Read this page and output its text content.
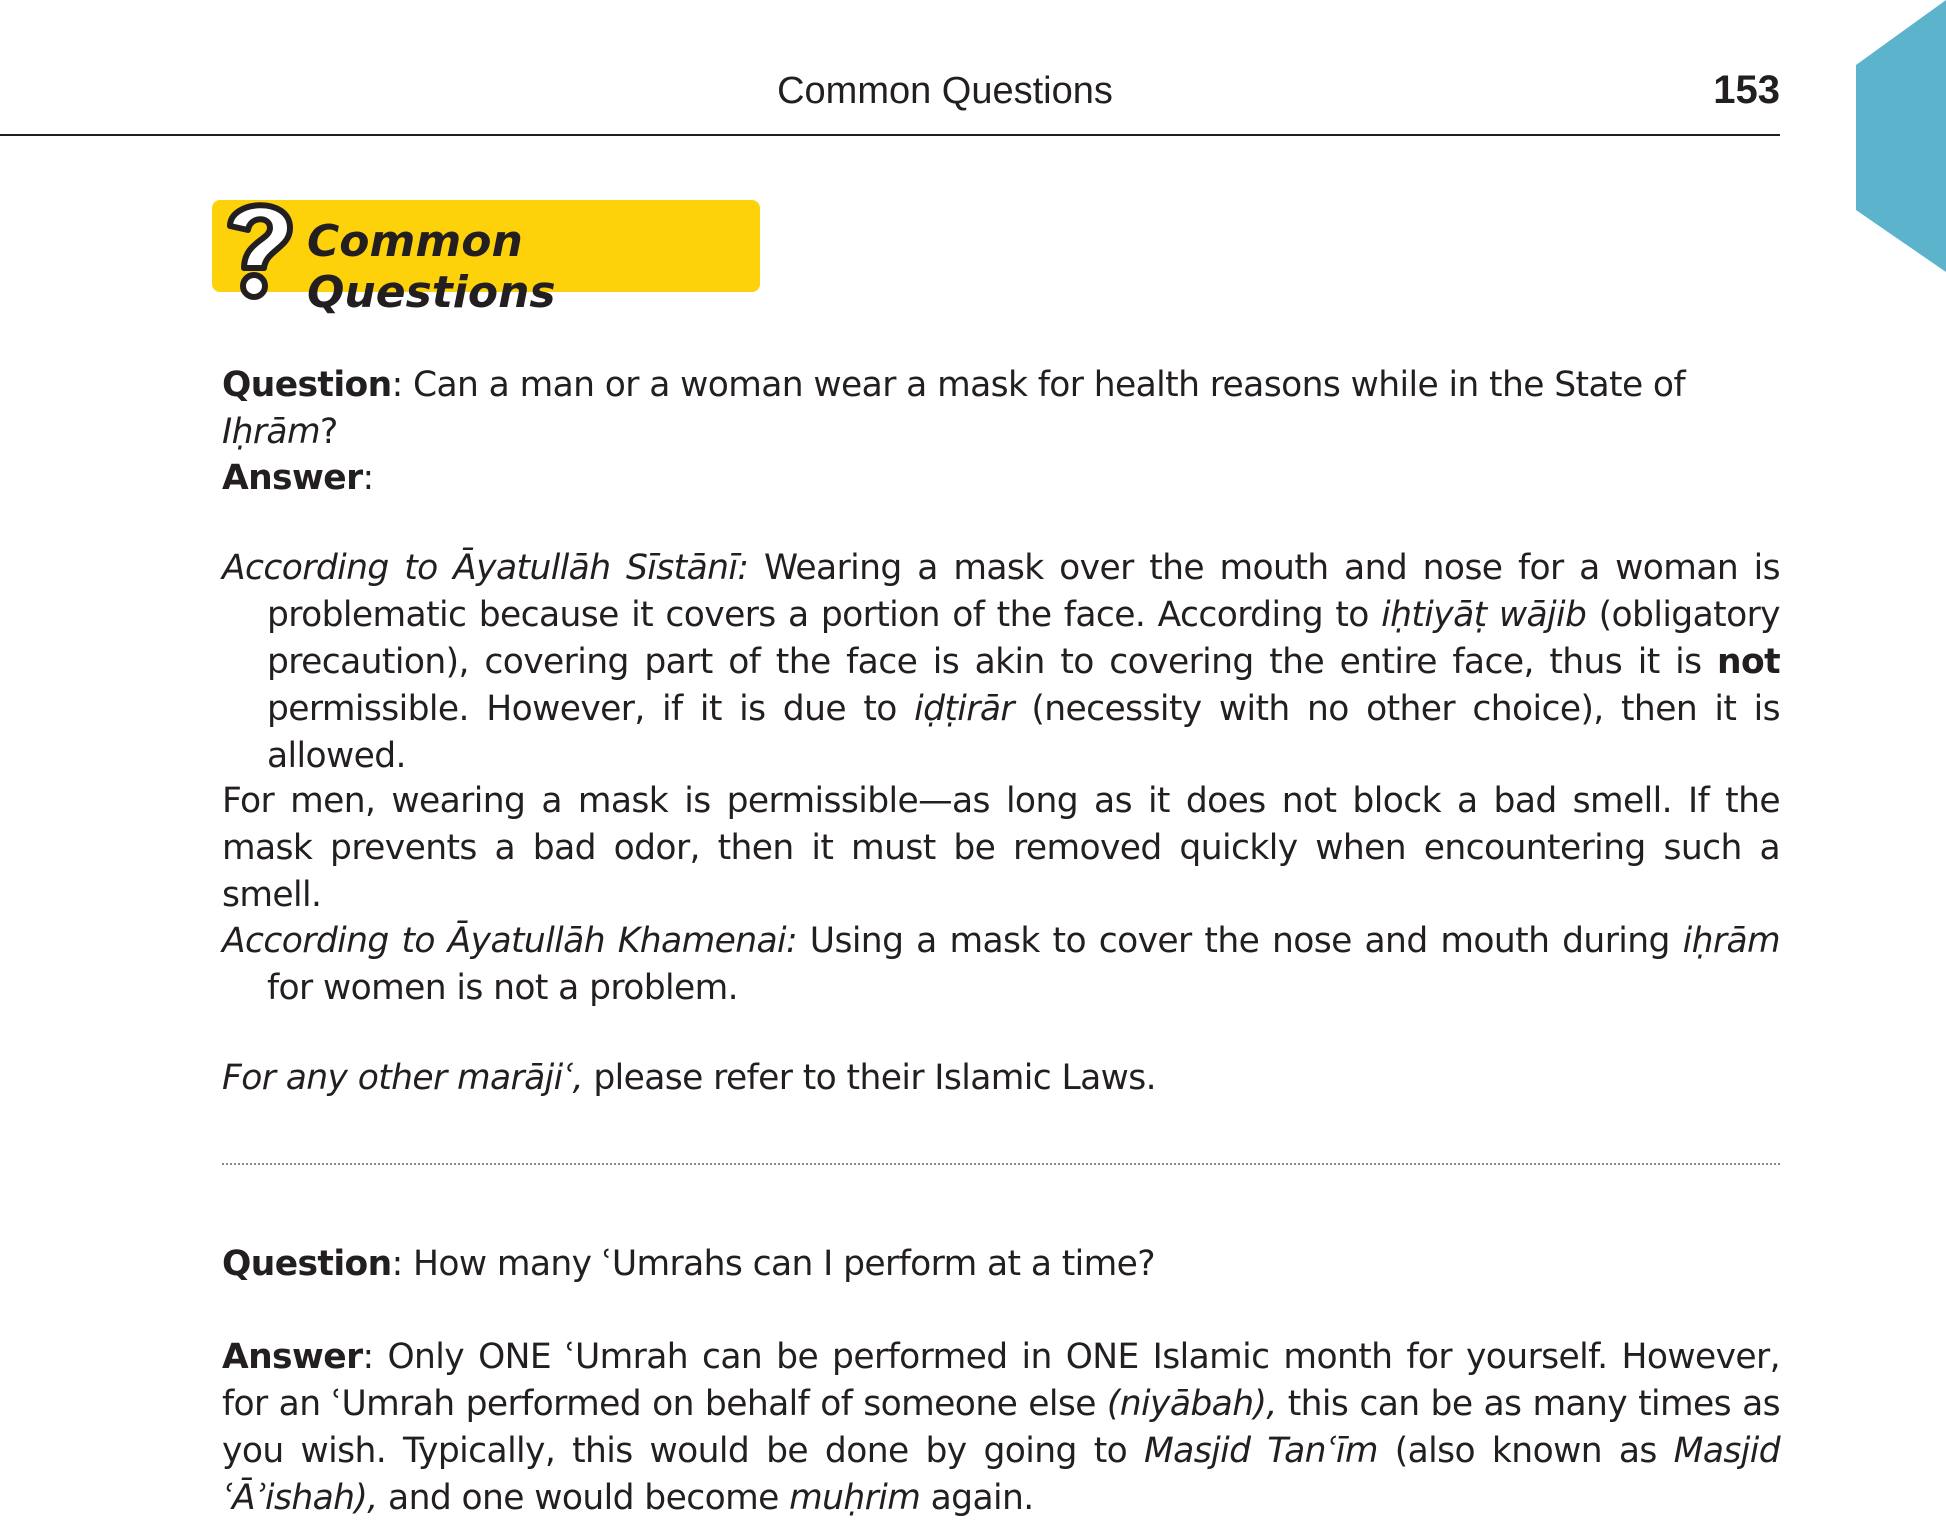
Common Questions	153
Common Questions

Question: Can a man or a woman wear a mask for health reasons while in the State of Iḥrām?

Answer:

According to Āyatullāh Sīstānī: Wearing a mask over the mouth and nose for a woman is problematic because it covers a portion of the face. According to iḥtiyāṭ wājib (obligatory precaution), covering part of the face is akin to covering the entire face, thus it is not permissible. However, if it is due to iḍṭirār (necessity with no other choice), then it is allowed.

For men, wearing a mask is permissible—as long as it does not block a bad smell. If the mask prevents a bad odor, then it must be removed quickly when encountering such a smell.

According to Āyatullāh Khamenai: Using a mask to cover the nose and mouth during iḥrām for women is not a problem.

For any other marājiʿ, please refer to their Islamic Laws.

Question: How many ʿUmrahs can I perform at a time?

Answer: Only ONE ʿUmrah can be performed in ONE Islamic month for yourself. However, for an ʿUmrah performed on behalf of someone else (niyābah), this can be as many times as you wish. Typically, this would be done by going to Masjid Tanʿīm (also known as Masjid ʿĀʾishah), and one would become muḥrim again.
